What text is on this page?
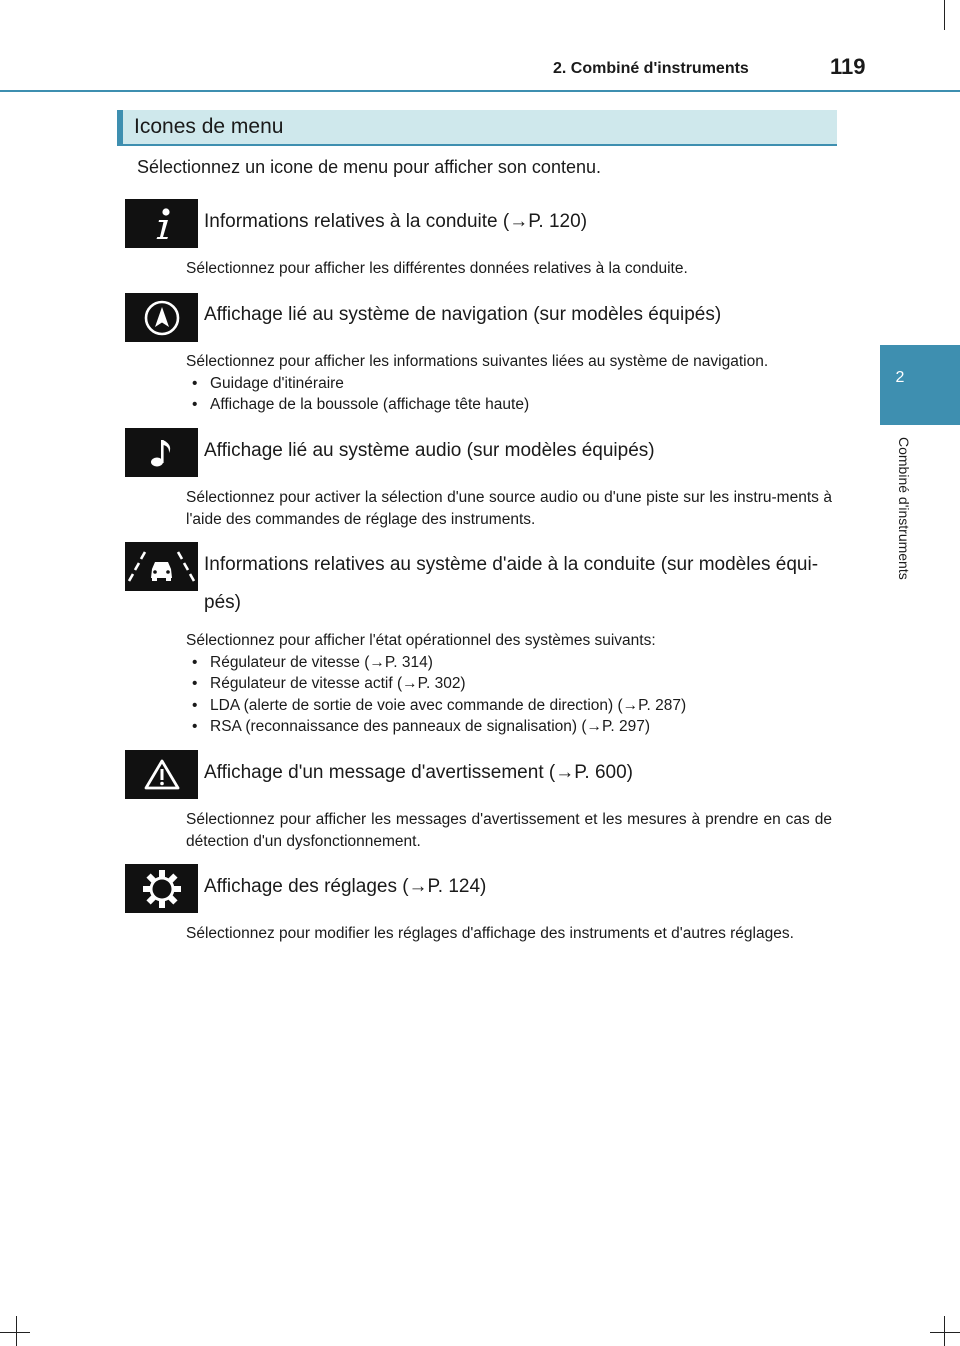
2. Combiné d'instruments	119
2
Combiné d'instruments
Icones de menu
Sélectionnez un icone de menu pour afficher son contenu.
Informations relatives à la conduite (→P. 120)
Sélectionnez pour afficher les différentes données relatives à la conduite.
Affichage lié au système de navigation (sur modèles équipés)
Sélectionnez pour afficher les informations suivantes liées au système de navigation.
• Guidage d'itinéraire
• Affichage de la boussole (affichage tête haute)
Affichage lié au système audio (sur modèles équipés)
Sélectionnez pour activer la sélection d'une source audio ou d'une piste sur les instru-ments à l'aide des commandes de réglage des instruments.
Informations relatives au système d'aide à la conduite (sur modèles équi-pés)
Sélectionnez pour afficher l'état opérationnel des systèmes suivants:
• Régulateur de vitesse (→P. 314)
• Régulateur de vitesse actif (→P. 302)
• LDA (alerte de sortie de voie avec commande de direction) (→P. 287)
• RSA (reconnaissance des panneaux de signalisation) (→P. 297)
Affichage d'un message d'avertissement (→P. 600)
Sélectionnez pour afficher les messages d'avertissement et les mesures à prendre en cas de détection d'un dysfonctionnement.
Affichage des réglages (→P. 124)
Sélectionnez pour modifier les réglages d'affichage des instruments et d'autres réglages.
